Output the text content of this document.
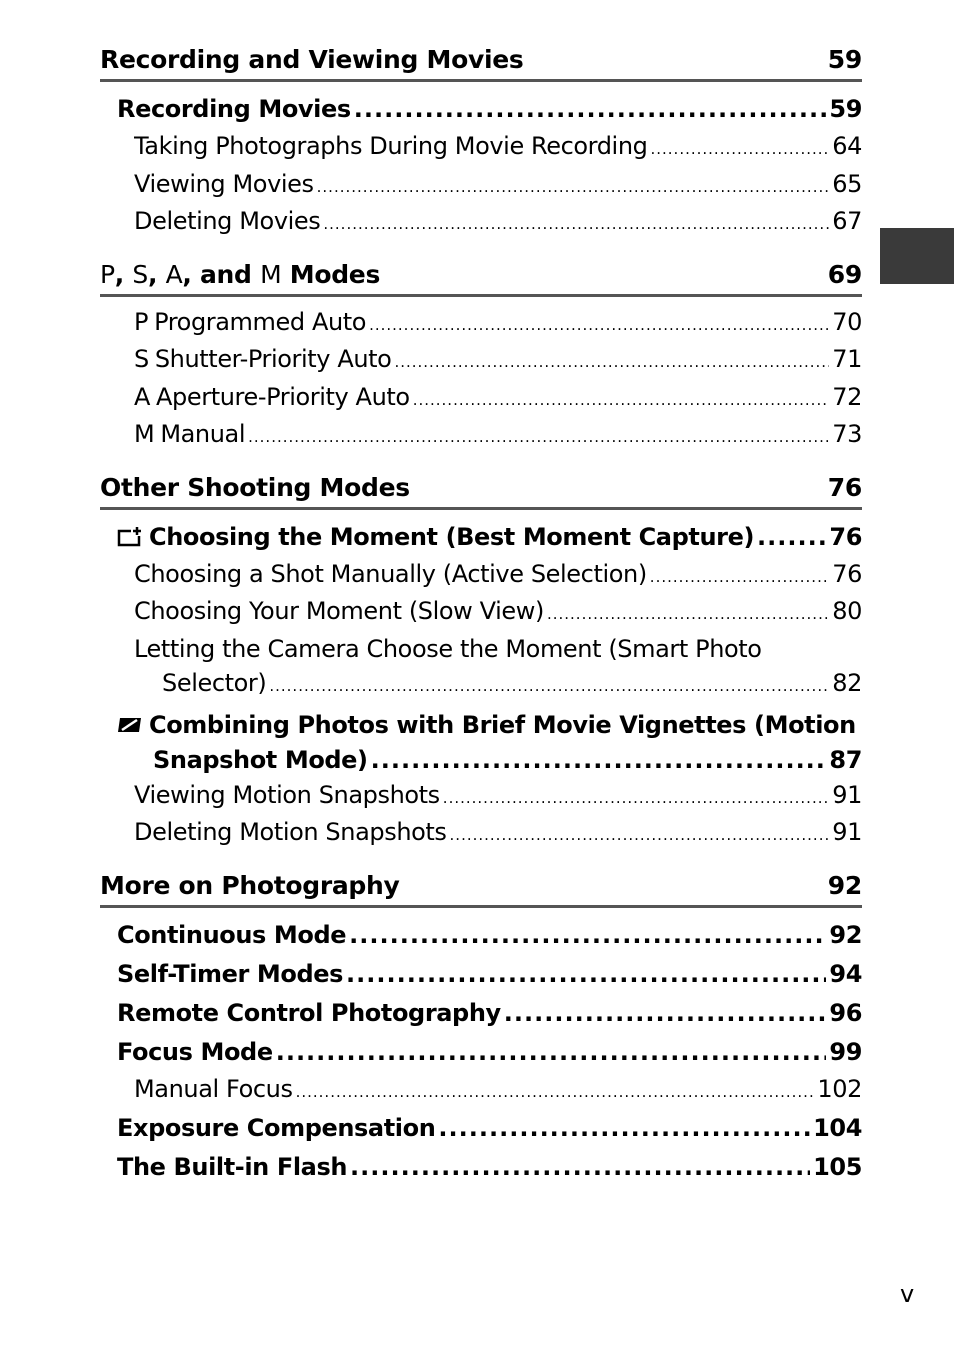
Recording and Viewing Movies	59
Recording Movies .....	59
Taking Photographs During Movie Recording .....	64
Viewing Movies .....	65
Deleting Movies .....	67
P, S, A, and M Modes	69
P Programmed Auto .....	70
S Shutter-Priority Auto .....	71
A Aperture-Priority Auto .....	72
M Manual .....	73
Other Shooting Modes	76
Choosing the Moment (Best Moment Capture) .....	76
Choosing a Shot Manually (Active Selection) .....	76
Choosing Your Moment (Slow View) .....	80
Letting the Camera Choose the Moment (Smart Photo
Selector) .....	82
Combining Photos with Brief Movie Vignettes (Motion
Snapshot Mode) .....	87
Viewing Motion Snapshots .....	91
Deleting Motion Snapshots .....	91
More on Photography	92
Continuous Mode .....	92
Self-Timer Modes .....	94
Remote Control Photography .....	96
Focus Mode .....	99
Manual Focus .....	102
Exposure Compensation .....	104
The Built-in Flash .....	105
v
